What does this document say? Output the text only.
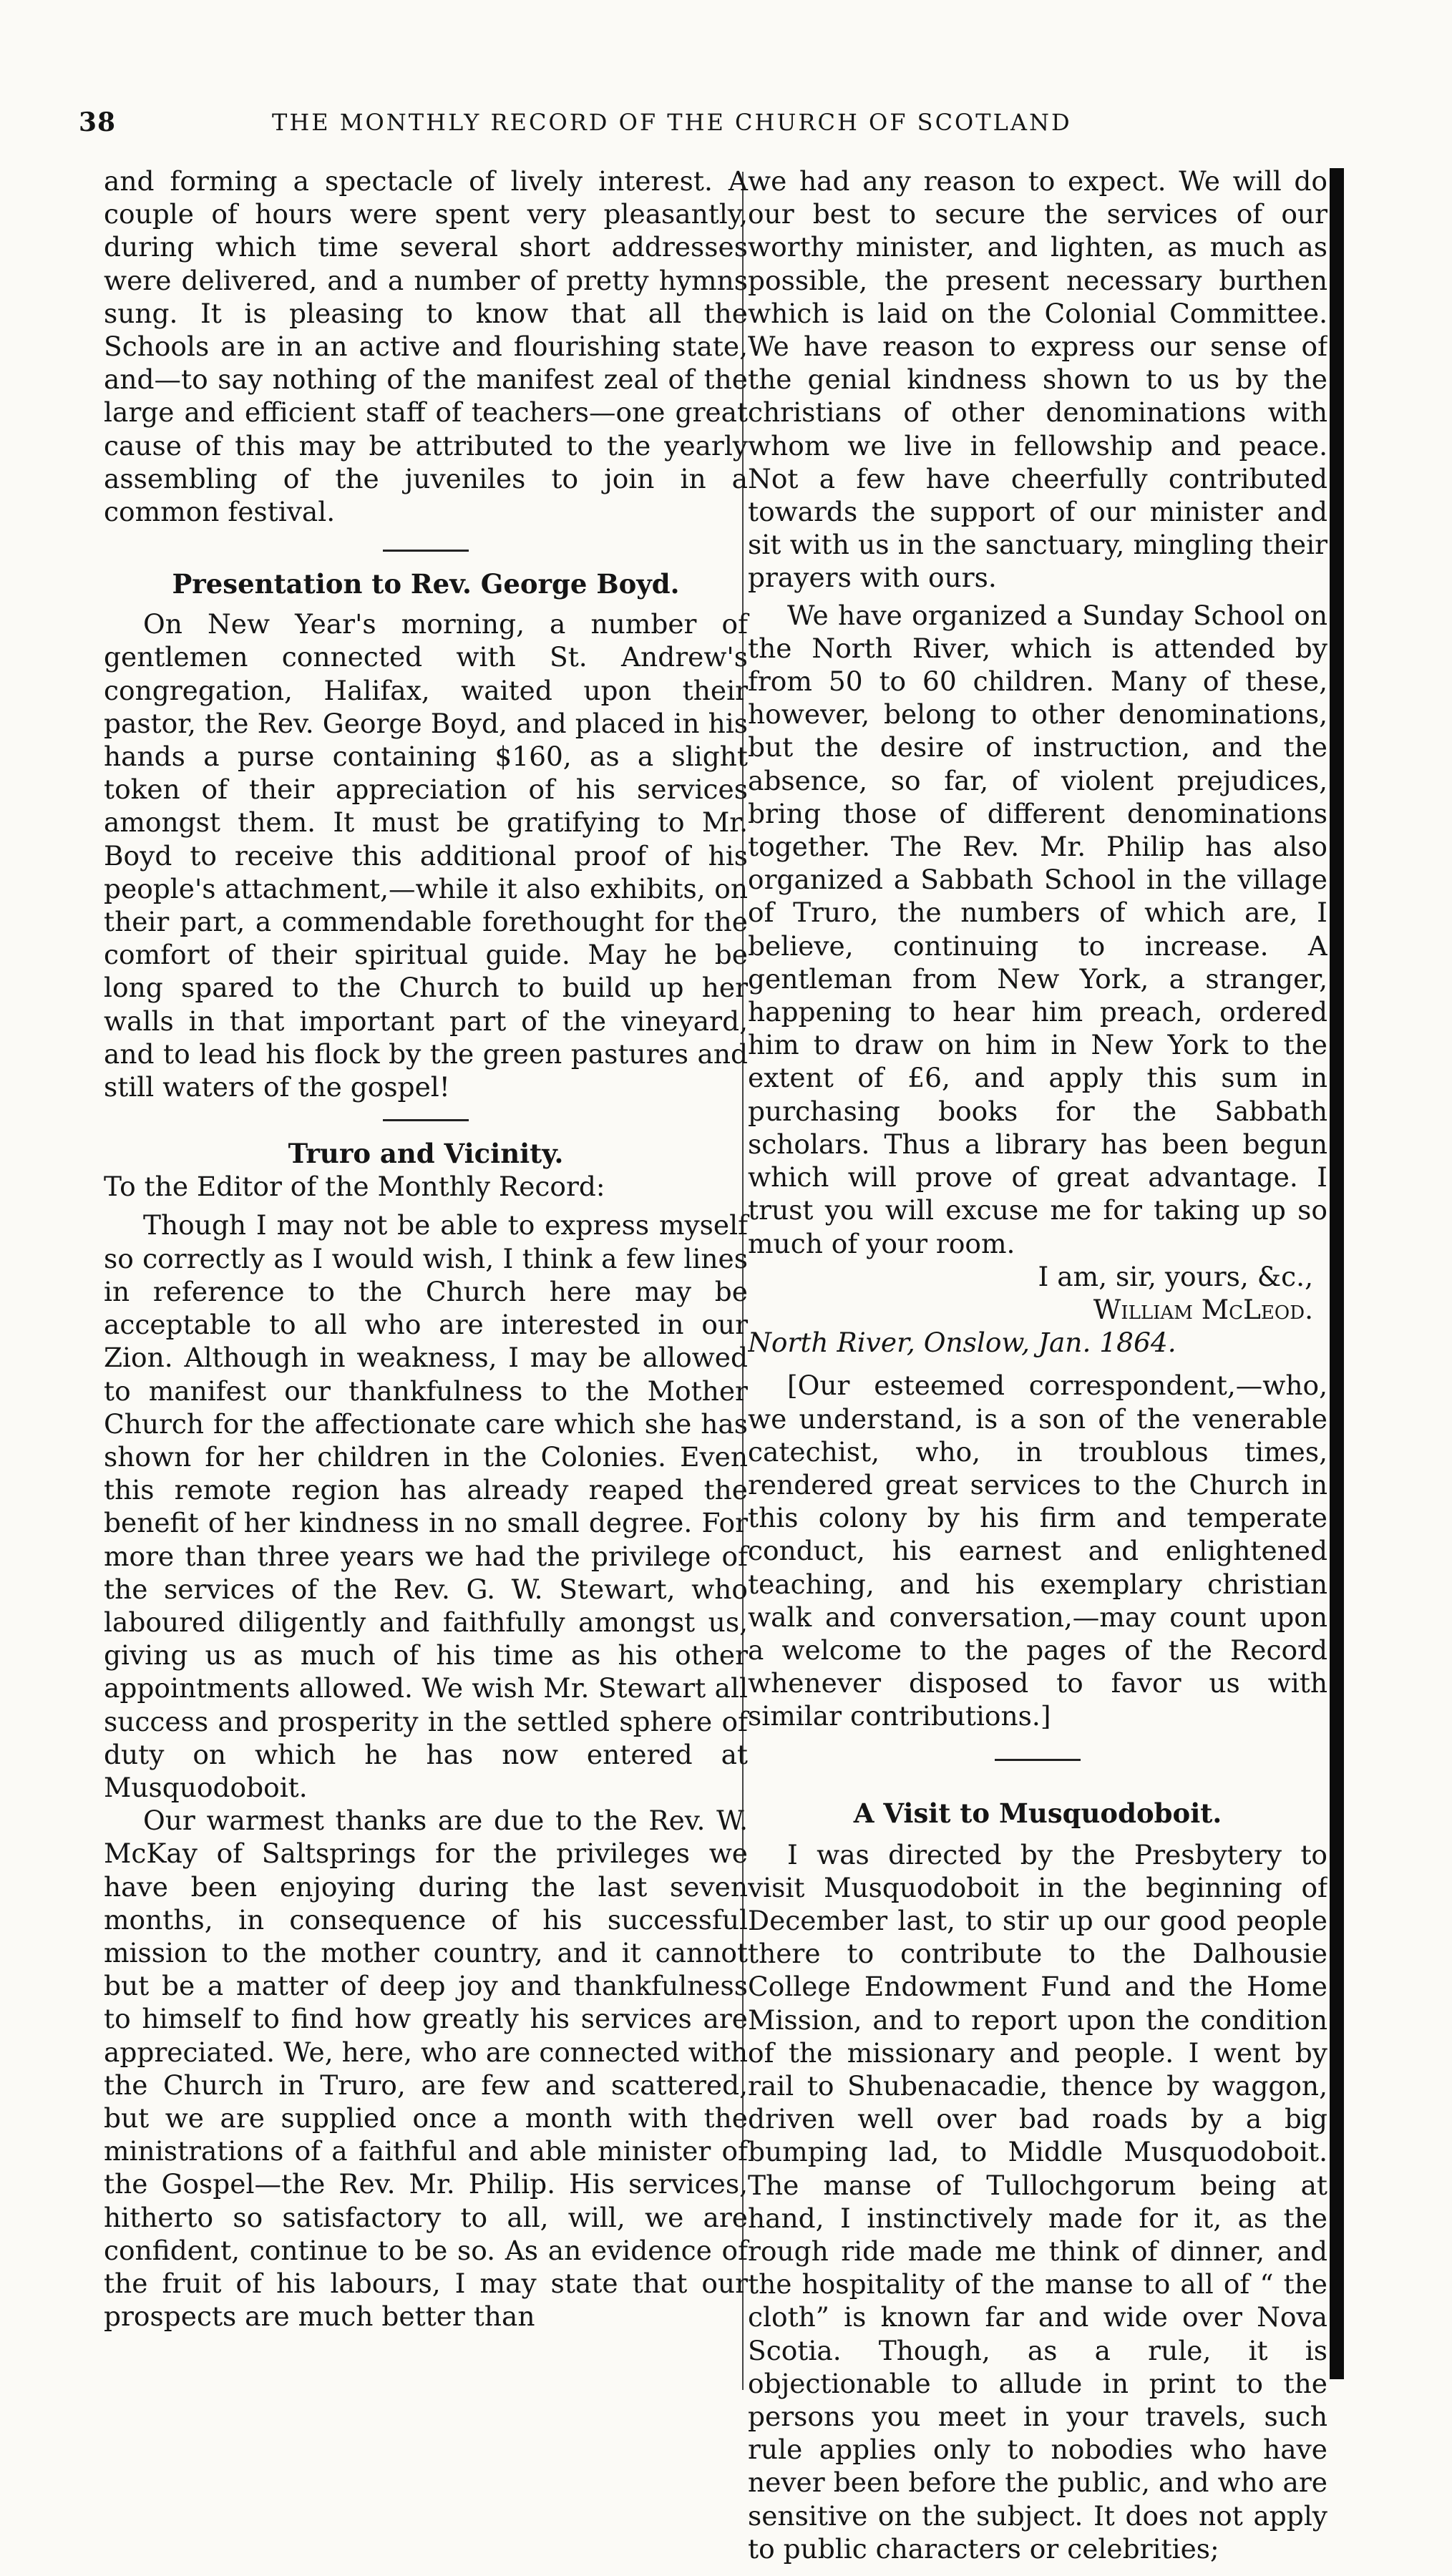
38	THE MONTHLY RECORD OF THE CHURCH OF SCOTLAND

and forming a spectacle of lively interest. A couple of hours were spent very pleasantly, during which time several short addresses were delivered, and a number of pretty hymns sung. It is pleasing to know that all the Schools are in an active and flourishing state, and—to say nothing of the manifest zeal of the large and efficient staff of teachers—one great cause of this may be attributed to the yearly assembling of the juveniles to join in a common festival.

Presentation to Rev. George Boyd.

On New Year's morning, a number of gentlemen connected with St. Andrew's congregation, Halifax, waited upon their pastor, the Rev. George Boyd, and placed in his hands a purse containing $160, as a slight token of their appreciation of his services amongst them. It must be gratifying to Mr. Boyd to receive this additional proof of his people's attachment,—while it also exhibits, on their part, a commendable forethought for the comfort of their spiritual guide. May he be long spared to the Church to build up her walls in that important part of the vineyard, and to lead his flock by the green pastures and still waters of the gospel!

Truro and Vicinity.

To the Editor of the Monthly Record:

Though I may not be able to express myself so correctly as I would wish, I think a few lines in reference to the Church here may be acceptable to all who are interested in our Zion. Although in weakness, I may be allowed to manifest our thankfulness to the Mother Church for the affectionate care which she has shown for her children in the Colonies. Even this remote region has already reaped the benefit of her kindness in no small degree. For more than three years we had the privilege of the services of the Rev. G. W. Stewart, who laboured diligently and faithfully amongst us, giving us as much of his time as his other appointments allowed. We wish Mr. Stewart all success and prosperity in the settled sphere of duty on which he has now entered at Musquodoboit.

Our warmest thanks are due to the Rev. W. McKay of Saltsprings for the privileges we have been enjoying during the last seven months, in consequence of his successful mission to the mother country, and it cannot but be a matter of deep joy and thankfulness to himself to find how greatly his services are appreciated. We, here, who are connected with the Church in Truro, are few and scattered, but we are supplied once a month with the ministrations of a faithful and able minister of the Gospel—the Rev. Mr. Philip. His services, hitherto so satisfactory to all, will, we are confident, continue to be so. As an evidence of the fruit of his labours, I may state that our prospects are much better than

we had any reason to expect. We will do our best to secure the services of our worthy minister, and lighten, as much as possible, the present necessary burthen which is laid on the Colonial Committee. We have reason to express our sense of the genial kindness shown to us by the christians of other denominations with whom we live in fellowship and peace. Not a few have cheerfully contributed towards the support of our minister and sit with us in the sanctuary, mingling their prayers with ours.

We have organized a Sunday School on the North River, which is attended by from 50 to 60 children. Many of these, however, belong to other denominations, but the desire of instruction, and the absence, so far, of violent prejudices, bring those of different denominations together. The Rev. Mr. Philip has also organized a Sabbath School in the village of Truro, the numbers of which are, I believe, continuing to increase. A gentleman from New York, a stranger, happening to hear him preach, ordered him to draw on him in New York to the extent of £6, and apply this sum in purchasing books for the Sabbath scholars. Thus a library has been begun which will prove of great advantage. I trust you will excuse me for taking up so much of your room.

I am, sir, yours, &c.,

William McLeod.

North River, Onslow, Jan. 1864.

[Our esteemed correspondent,—who, we understand, is a son of the venerable catechist, who, in troublous times, rendered great services to the Church in this colony by his firm and temperate conduct, his earnest and enlightened teaching, and his exemplary christian walk and conversation,—may count upon a welcome to the pages of the Record whenever disposed to favor us with similar contributions.]

A Visit to Musquodoboit.

I was directed by the Presbytery to visit Musquodoboit in the beginning of December last, to stir up our good people there to contribute to the Dalhousie College Endowment Fund and the Home Mission, and to report upon the condition of the missionary and people. I went by rail to Shubenacadie, thence by waggon, driven well over bad roads by a big bumping lad, to Middle Musquodoboit. The manse of Tullochgorum being at hand, I instinctively made for it, as the rough ride made me think of dinner, and the hospitality of the manse to all of “ the cloth” is known far and wide over Nova Scotia. Though, as a rule, it is objectionable to allude in print to the persons you meet in your travels, such rule applies only to nobodies who have never been before the public, and who are sensitive on the subject. It does not apply to public characters or celebrities;
